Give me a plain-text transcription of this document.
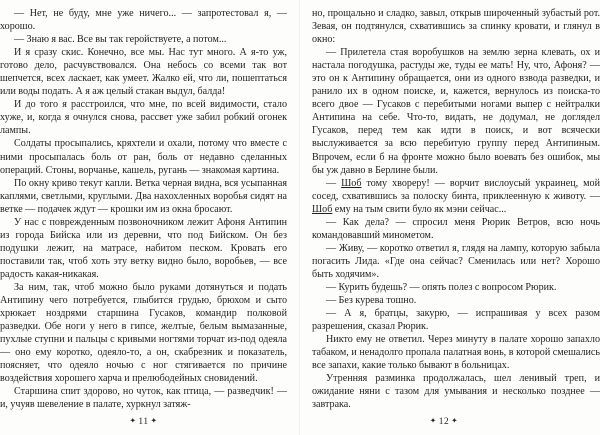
— Нет, не буду, мне уже ничего... — запротестовал я, — хорошо.

— Знаю я вас. Все вы так геройствуете, а потом...

И я сразу скис. Конечно, все мы. Нас тут много. А я-то уж, готово дело, расчувствовался. Она небось со всеми так вот шепчется, всех ласкает, как умеет. Жалко ей, что ли, пошептаться или воды подать. А я аж целый стакан выдул, балда!

И до того я расстроился, что мне, по всей видимости, стало хуже, и, когда я очнулся снова, рассвет уже забил робкий огонек лампы.

Солдаты просыпались, кряхтели и охали, потому что вместе с ними просыпалась боль от ран, боль от недавно сделанных операций. Стоны, ворчанье, кашель, ругань — знакомая картина.

По окну криво текут капли. Ветка черная видна, вся усыпанная каплями, светлыми, круглыми. Два нахохленных воробья сидят на ветке — подачек ждут — крошки им из окна бросают.

У нас с поврежденным позвоночником лежит Афоня Антипин из города Бийска или из деревни, что под Бийском. Он без подушки лежит, на матрасе, набитом песком. Кровать его поставили так, чтоб хоть эту ветку видно было, воробьев, — все радость какая-никакая.

За ним, так, чтоб можно было руками дотянуться и подать Антипину чего потребуется, глыбится грудью, брюхом и сыто хрюкает ноздрями старшина Гусаков, командир полковой разведки. Обе ноги у него в гипсе, желтые, белым вымазанные, пухлые ступни и пальцы с кривыми ногтями торчат из-под одеяла — оно ему коротко, одеяло-то, а он, скабрезник и показатель, поясняет, что одеяло ночью с ног стягивается по причине воздействия хорошего харча и прелюбодейных сновидений.

Старшина спит здорово, но чуток, как птица, — разведчик! — и, учуяв шевеление в палате, хуркнул затяж-

✦ 11 ✦

но, прощально и сладко, завыл, открыв широченный зубастый рот. Зевая, он подтянулся, схватившись за спинку кровати, и глянул в окно:

— Прилетела стая воробушков на землю зерна клевать, ох и настала погодушка, растуды же, туды ее мать! Ну, что, Афоня? — это он к Антипину обращается, они из одного взвода разведки, и ранило их в одном поиске, и, кажется, вернулось из поиска-то всего двое — Гусаков с перебитыми ногами выпер с нейтралки Антипина на себе. Что-то, видать, не додумал, не доглядел Гусаков, перед тем как идти в поиск, и вот всячески выслуживается за всю перебитую группу перед Антипиным. Впрочем, если б на фронте можно было воевать без ошибок, мы бы уж давно в Берлине были.

— Шоб тому хвореру! — ворчит вислоусый украинец, мой сосед, схватившись за полоску бинта, приклеенную к животу. — Шоб ему на тым свити було як мэни сейчас...

— Как дела? — спросил меня Рюрик Ветров, всю ночь командовавший минометом.

— Живу, — коротко ответил я, глядя на лампу, которую забыла погасить Лида. «Где она сейчас? Сменилась или нет? Хорошо быть ходячим».

— Курить будешь? — опять полез с вопросом Рюрик.

— Без курева тошно.

— А я, братцы, закурю, — испрашивая у всех разом разрешения, сказал Рюрик.

Никто ему не ответил. Через минуту в палате хорошо запахло табаком, и ненадолго пропала палатная вонь, в которой смешались все запахи, какие только бывают в больницах.

Утренняя разминка продолжалась, шел ленивый треп, и ожидание няни с тазом для умывания и несколько позднее — завтрака.

✦ 12 ✦
